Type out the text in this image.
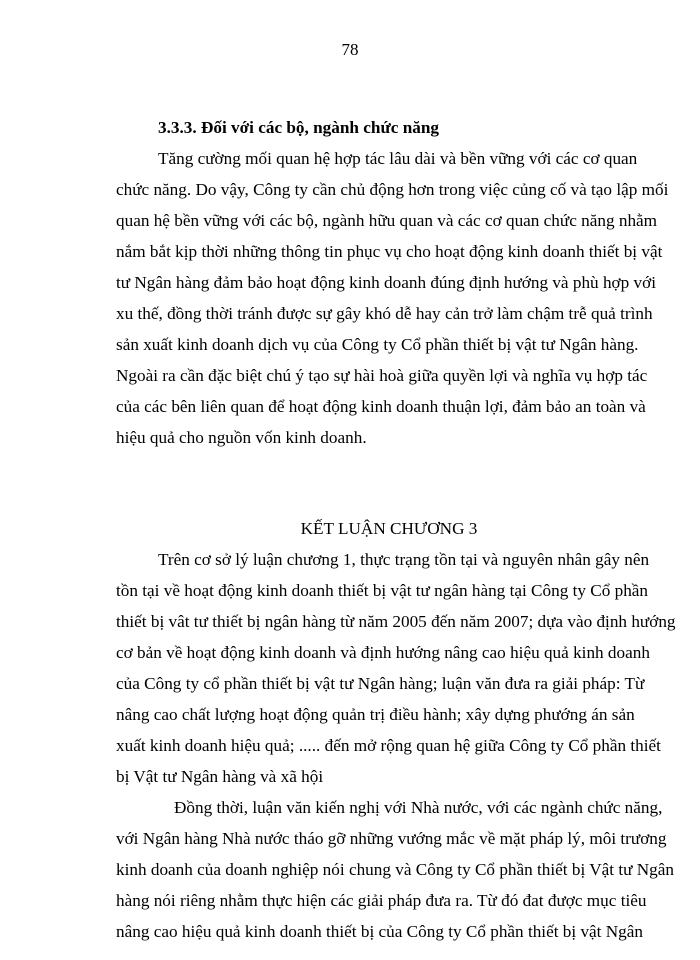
78
3.3.3. Đối với các bộ, ngành chức năng
Tăng cường mối quan hệ hợp tác lâu dài và bền vững với các cơ quan
chức năng. Do vậy, Công ty cần chủ động hơn trong việc củng cố và tạo lập mối
quan hệ bền vững với các bộ, ngành hữu quan và các cơ quan chức năng nhằm
nắm bắt kịp thời những thông tin phục vụ cho hoạt động kinh doanh thiết bị vật
tư Ngân hàng đảm bảo hoạt động kinh doanh đúng định hướng và phù hợp với
xu thế, đồng thời tránh được sự gây khó dễ hay cản trở làm chậm trễ quả trình
sản xuất kinh doanh dịch vụ của Công ty Cổ phần thiết bị vật tư Ngân hàng.
Ngoài ra cần đặc biệt chú ý tạo sự hài hoà giữa quyền lợi và nghĩa vụ hợp tác
của các bên liên quan để hoạt động kinh doanh thuận lợi, đảm bảo an toàn và
hiệu quả cho nguồn vốn kinh doanh.
KẾT LUẬN CHƯƠNG 3
Trên cơ sở lý luận chương 1, thực trạng tồn tại và nguyên nhân gây nên
tồn tại về hoạt động kinh doanh thiết bị vật tư ngân hàng tại Công ty Cổ phần
thiết bị vât tư thiết bị ngân hàng từ năm 2005 đến năm 2007; dựa vào định hướng
cơ bản về hoạt động kinh doanh và định hướng nâng cao hiệu quả kinh doanh
của Công ty cổ phần thiết bị vật tư Ngân hàng; luận văn đưa ra giải pháp: Từ
nâng cao chất lượng hoạt động quản trị điều hành; xây dựng phướng án sản
xuất kinh doanh hiệu quả; ..... đến mở rộng quan hệ giữa Công ty Cổ phần thiết
bị Vật tư Ngân hàng và xã hội
Đồng thời, luận văn kiến nghị với Nhà nước, với các ngành chức năng,
với Ngân hàng Nhà nước tháo gỡ những vướng mắc về mặt pháp lý, môi trương
kinh doanh của doanh nghiệp nói chung và Công ty Cổ phần thiết bị Vật tư Ngân
hàng nói riêng nhằm thực hiện các giải pháp đưa ra. Từ đó đat được mục tiêu
nâng cao hiệu quả kinh doanh thiết bị của Công ty Cổ phần thiết bị vật Ngân
